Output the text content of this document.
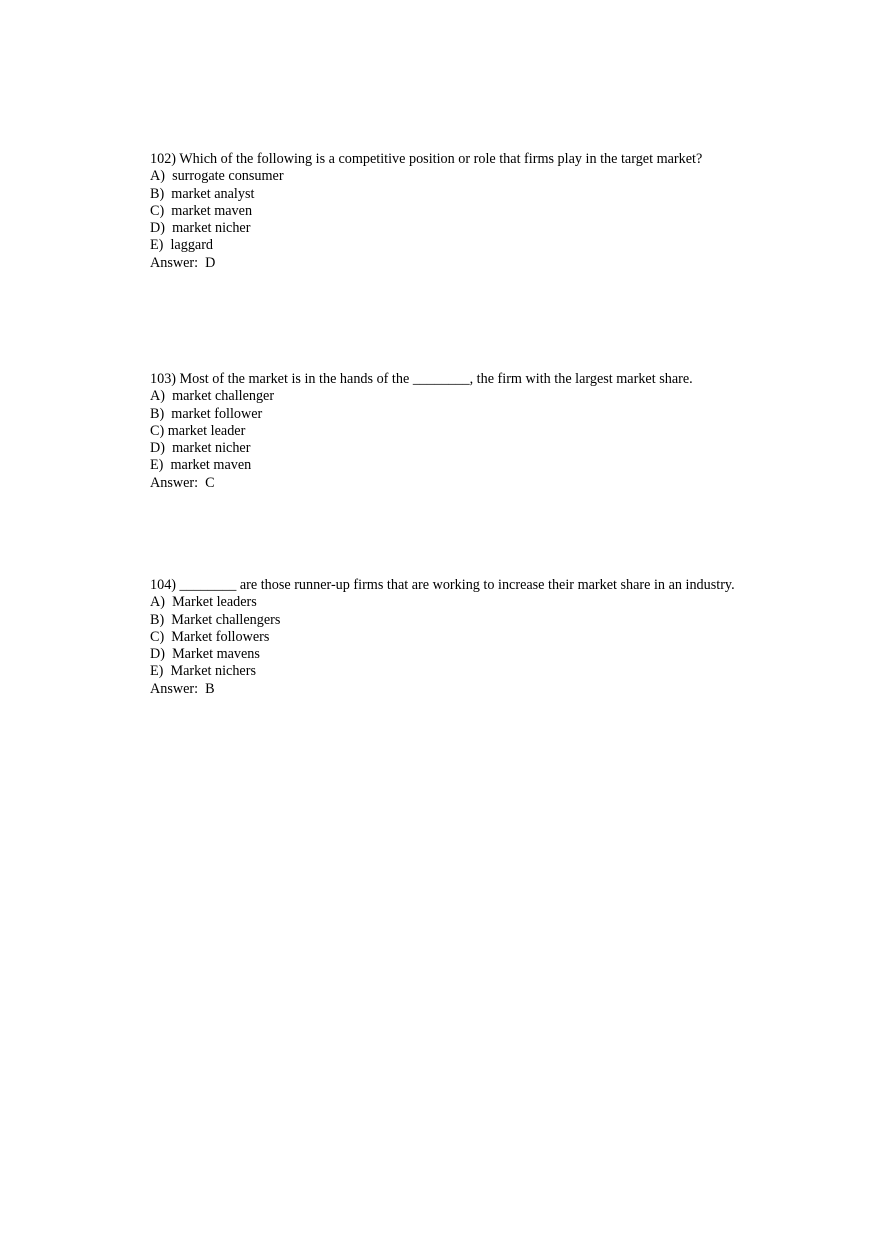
102) Which of the following is a competitive position or role that firms play in the target market?

A)  surrogate consumer
B)  market analyst
C)  market maven
D)  market nicher
E)  laggard

Answer:  D

103) Most of the market is in the hands of the ________, the firm with the largest market share.

A)  market challenger
B)  market follower
C) market leader
D)  market nicher
E)  market maven

Answer:  C

104) ________ are those runner-up firms that are working to increase their market share in an industry.

A)  Market leaders
B)  Market challengers
C)  Market followers
D)  Market mavens
E)  Market nichers

Answer:  B
